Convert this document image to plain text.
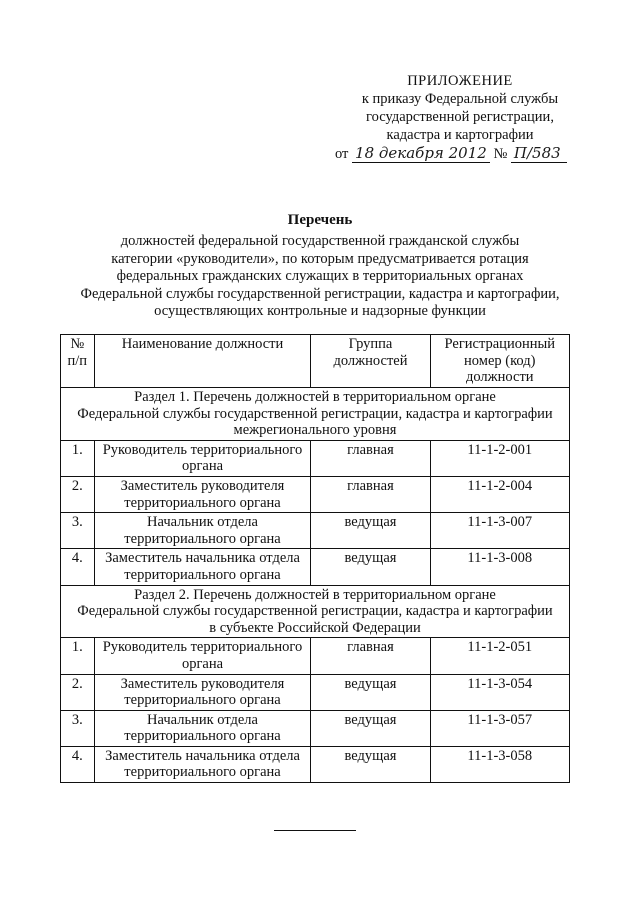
ПРИЛОЖЕНИЕ
к приказу Федеральной службы
государственной регистрации,
кадастра и картографии
от 18 декабря 2012 № П/583
Перечень
должностей федеральной государственной гражданской службы
категории «руководители», по которым предусматривается ротация
федеральных гражданских служащих в территориальных органах
Федеральной службы государственной регистрации, кадастра и картографии,
осуществляющих контрольные и надзорные функции
№ п/п	Наименование должности	Группа должностей	Регистрационный номер (код) должности

Раздел 1. Перечень должностей в территориальном органе
Федеральной службы государственной регистрации, кадастра и картографии
межрегионального уровня			

1.	Руководитель территориального органа	главная	11-1-2-001
2.	Заместитель руководителя территориального органа	главная	11-1-2-004
3.	Начальник отдела территориального органа	ведущая	11-1-3-007
4.	Заместитель начальника отдела территориального органа	ведущая	11-1-3-008

Раздел 2. Перечень должностей в территориальном органе
Федеральной службы государственной регистрации, кадастра и картографии
в субъекте Российской Федерации			

1.	Руководитель территориального органа	главная	11-1-2-051
2.	Заместитель руководителя территориального органа	ведущая	11-1-3-054
3.	Начальник отдела территориального органа	ведущая	11-1-3-057
4.	Заместитель начальника отдела территориального органа	ведущая	11-1-3-058
